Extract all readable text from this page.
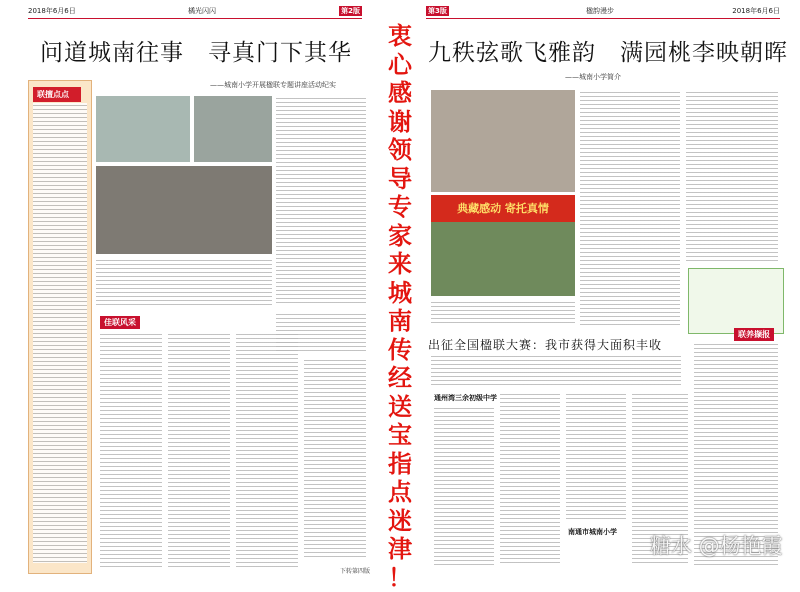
2018年6月6日	橘光闪闪	第2版
问道城南往事　寻真门下其华
——城南小学开展楹联专题讲座活动纪实
联擅点点
佳联风采
下转第四版
衷
心
感
谢
领
导
专
家
来
城
南
传
经
送
宝
指
点
迷
津
！
第3版	楹韵漫步	2018年6月6日
九秩弦歌飞雅韵　满园桃李映朝晖
——城南小学简介
典藏感动 寄托真情
出征全国楹联大赛：我市获得大面积丰收
联养撷报
通州湾三余初级中学
南通市城南小学
糖水 @杨艳霞
